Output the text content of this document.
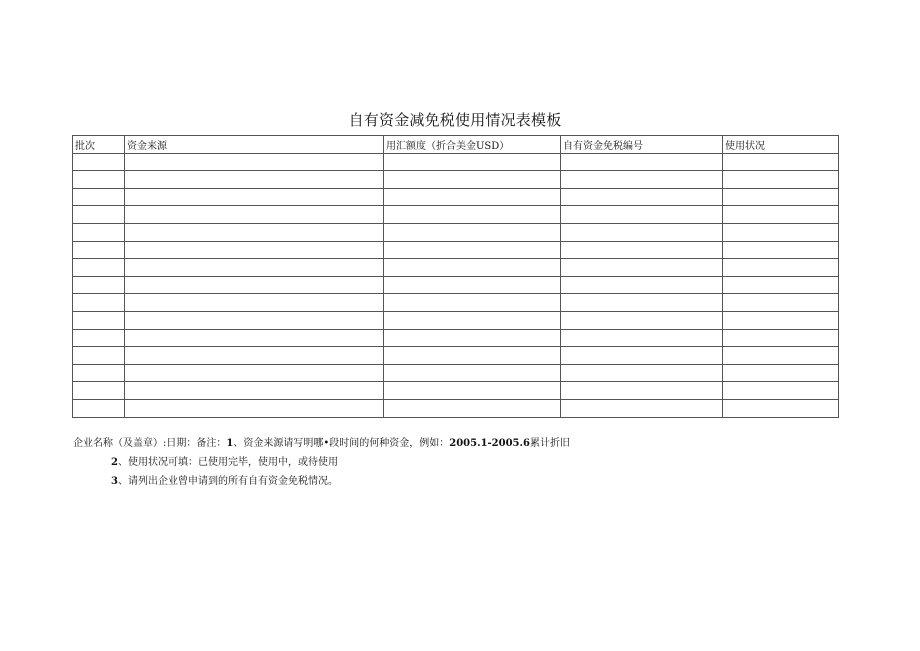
自有资金减免税使用情况表模板
批次	资金来源	用汇额度（折合美金USD）	自有资金免税编号	使用状况

企业名称（及盖章）:日期：备注：1、资金来源请写明哪•段时间的何种资金，例如：2005.1-2005.6累计折旧
2、使用状况可填：已使用完毕，使用中，或待使用
3、请列出企业曾申请到的所有自有资金免税情况。
